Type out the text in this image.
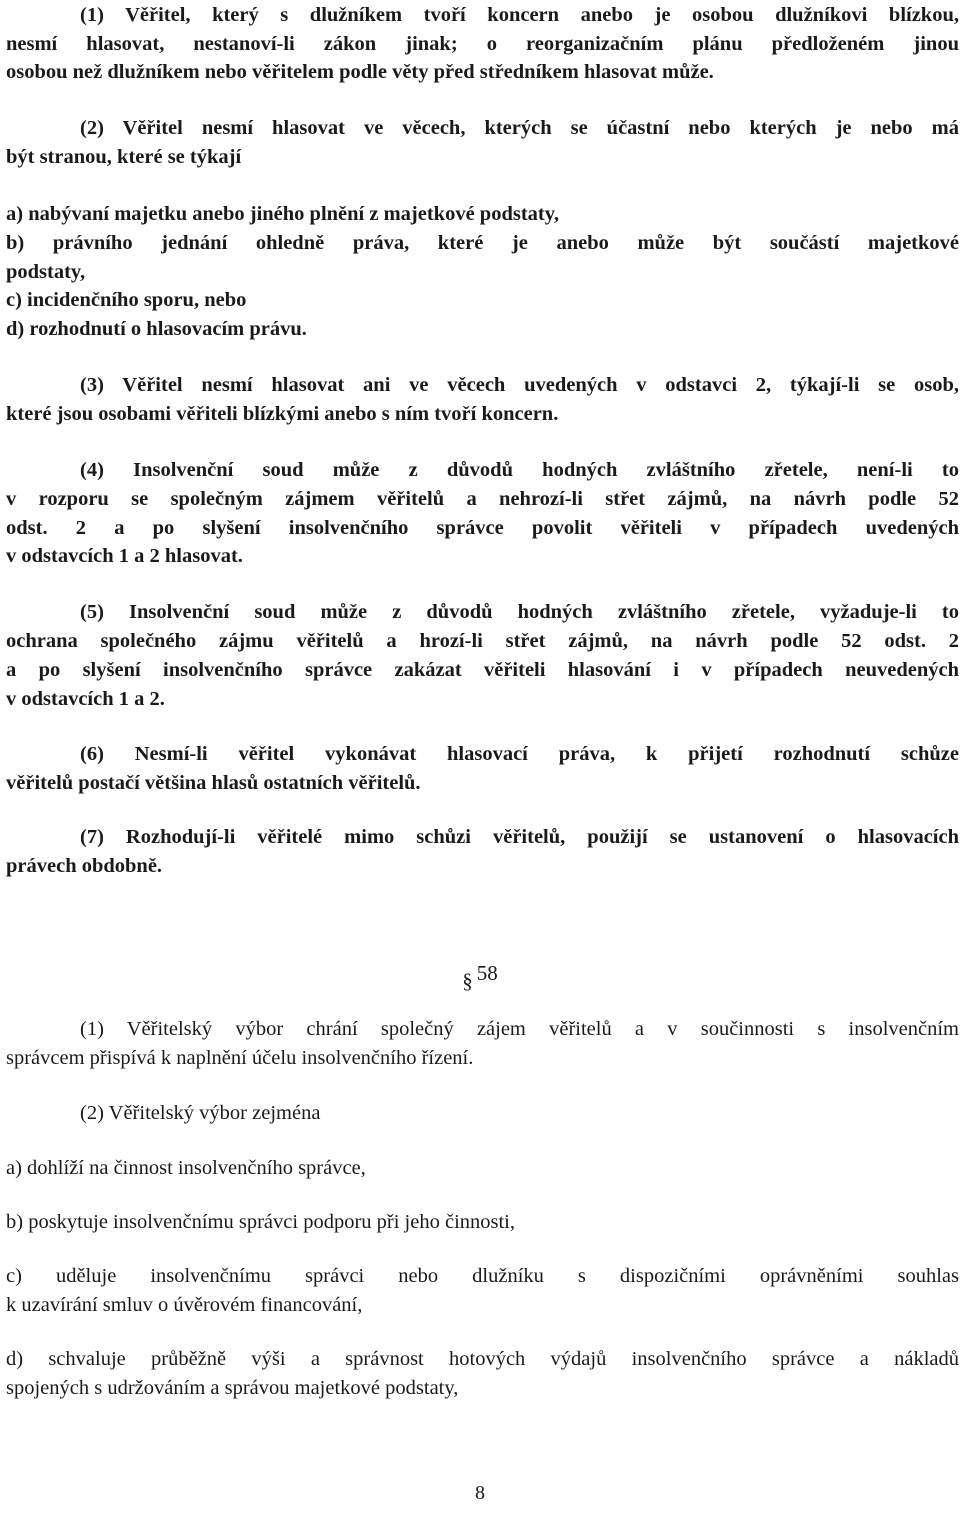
(1) Věřitel, který s dlužníkem tvoří koncern anebo je osobou dlužníkovi blízkou,
nesmí hlasovat, nestanoví-li zákon jinak; o reorganizačním plánu předloženém jinou
osobou než dlužníkem nebo věřitelem podle věty před středníkem hlasovat může.
(2) Věřitel nesmí hlasovat ve věcech, kterých se účastní nebo kterých je nebo má
být stranou, které se týkají
a) nabývaní majetku anebo jiného plnění z majetkové podstaty,
b) právního jednání ohledně práva, které je anebo může být součástí majetkové
podstaty,
c) incidenčního sporu, nebo
d) rozhodnutí o hlasovacím právu.
(3) Věřitel nesmí hlasovat ani ve věcech uvedených v odstavci 2, týkají-li se osob,
které jsou osobami věřiteli blízkými anebo s ním tvoří koncern.
(4) Insolvenční soud může z důvodů hodných zvláštního zřetele, není-li to
v rozporu se společným zájmem věřitelů a nehrozí-li střet zájmů, na návrh podle 52
odst. 2 a po slyšení insolvenčního správce povolit věřiteli v případech uvedených
v odstavcích 1 a 2 hlasovat.
(5) Insolvenční soud může z důvodů hodných zvláštního zřetele, vyžaduje-li to
ochrana společného zájmu věřitelů a hrozí-li střet zájmů, na návrh podle 52 odst. 2
a po slyšení insolvenčního správce zakázat věřiteli hlasování i v případech neuvedených
v odstavcích 1 a 2.
(6) Nesmí-li věřitel vykonávat hlasovací práva, k přijetí rozhodnutí schůze
věřitelů postačí většina hlasů ostatních věřitelů.
(7) Rozhodují-li věřitelé mimo schůzi věřitelů, použijí se ustanovení o hlasovacích
právech obdobně.
§ 58
(1) Věřitelský výbor chrání společný zájem věřitelů a v součinnosti s insolvenčním
správcem přispívá k naplnění účelu insolvenčního řízení.
(2) Věřitelský výbor zejména
a) dohlíží na činnost insolvenčního správce,
b) poskytuje insolvenčnímu správci podporu při jeho činnosti,
c) uděluje insolvenčnímu správci nebo dlužníku s dispozičními oprávněními souhlas
k uzavírání smluv o úvěrovém financování,
d) schvaluje průběžně výši a správnost hotových výdajů insolvenčního správce a nákladů
spojených s udržováním a správou majetkové podstaty,
8
